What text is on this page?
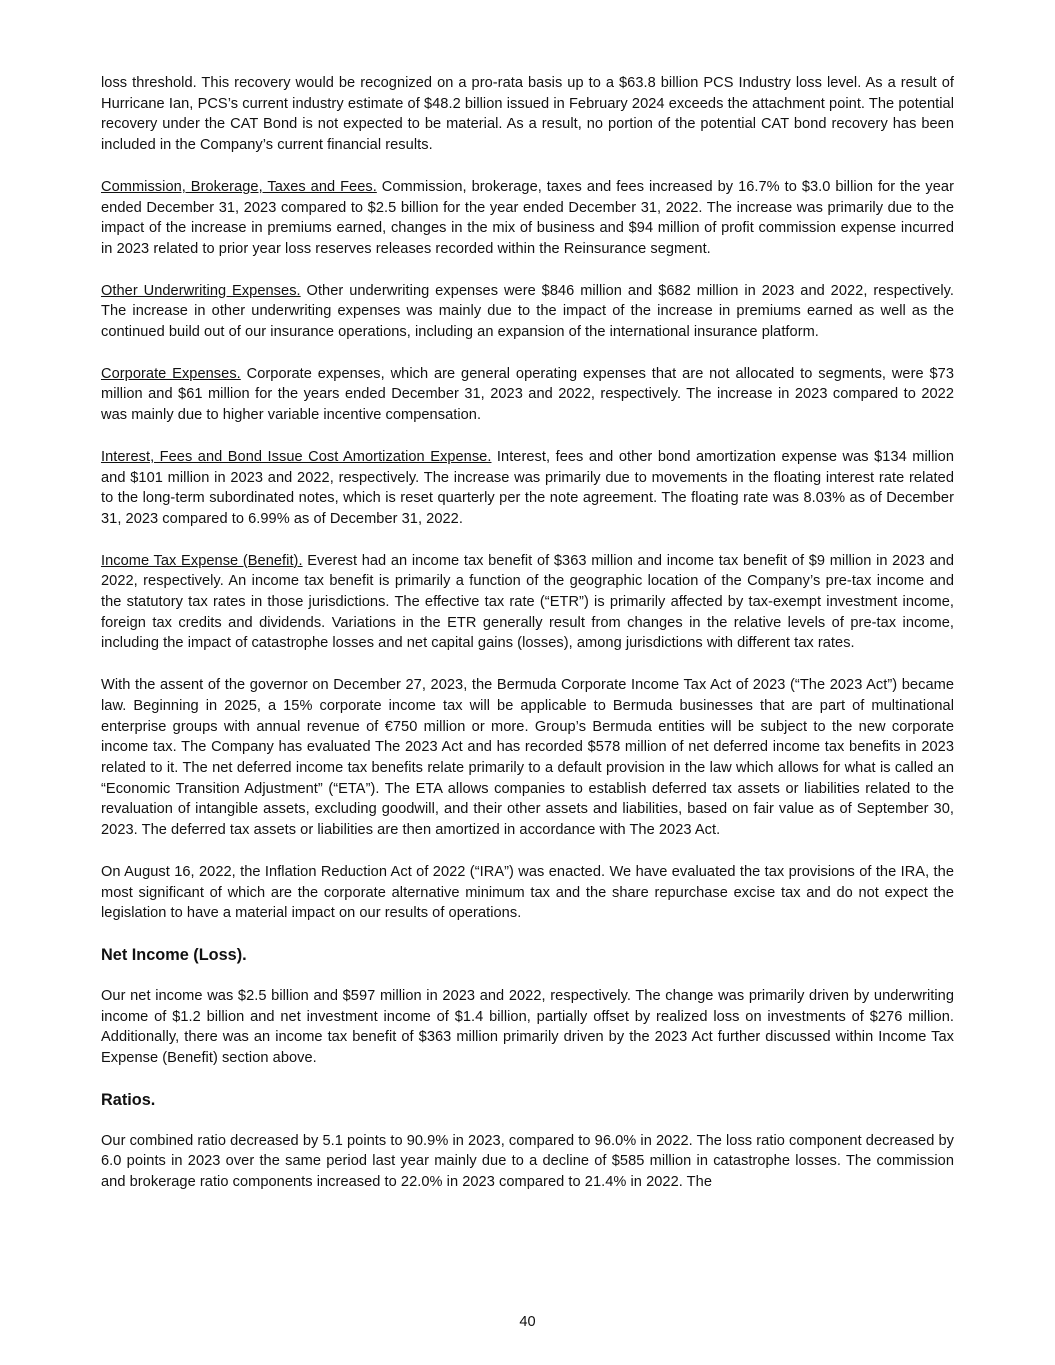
loss threshold. This recovery would be recognized on a pro-rata basis up to a $63.8 billion PCS Industry loss level. As a result of Hurricane Ian, PCS’s current industry estimate of $48.2 billion issued in February 2024 exceeds the attachment point. The potential recovery under the CAT Bond is not expected to be material. As a result, no portion of the potential CAT bond recovery has been included in the Company’s current financial results.

Commission, Brokerage, Taxes and Fees. Commission, brokerage, taxes and fees increased by 16.7% to $3.0 billion for the year ended December 31, 2023 compared to $2.5 billion for the year ended December 31, 2022. The increase was primarily due to the impact of the increase in premiums earned, changes in the mix of business and $94 million of profit commission expense incurred in 2023 related to prior year loss reserves releases recorded within the Reinsurance segment.

Other Underwriting Expenses. Other underwriting expenses were $846 million and $682 million in 2023 and 2022, respectively. The increase in other underwriting expenses was mainly due to the impact of the increase in premiums earned as well as the continued build out of our insurance operations, including an expansion of the international insurance platform.

Corporate Expenses. Corporate expenses, which are general operating expenses that are not allocated to segments, were $73 million and $61 million for the years ended December 31, 2023 and 2022, respectively. The increase in 2023 compared to 2022 was mainly due to higher variable incentive compensation.

Interest, Fees and Bond Issue Cost Amortization Expense. Interest, fees and other bond amortization expense was $134 million and $101 million in 2023 and 2022, respectively. The increase was primarily due to movements in the floating interest rate related to the long-term subordinated notes, which is reset quarterly per the note agreement. The floating rate was 8.03% as of December 31, 2023 compared to 6.99% as of December 31, 2022.

Income Tax Expense (Benefit). Everest had an income tax benefit of $363 million and income tax benefit of $9 million in 2023 and 2022, respectively. An income tax benefit is primarily a function of the geographic location of the Company’s pre-tax income and the statutory tax rates in those jurisdictions. The effective tax rate (“ETR”) is primarily affected by tax-exempt investment income, foreign tax credits and dividends. Variations in the ETR generally result from changes in the relative levels of pre-tax income, including the impact of catastrophe losses and net capital gains (losses), among jurisdictions with different tax rates.

With the assent of the governor on December 27, 2023, the Bermuda Corporate Income Tax Act of 2023 (“The 2023 Act”) became law. Beginning in 2025, a 15% corporate income tax will be applicable to Bermuda businesses that are part of multinational enterprise groups with annual revenue of €750 million or more. Group’s Bermuda entities will be subject to the new corporate income tax. The Company has evaluated The 2023 Act and has recorded $578 million of net deferred income tax benefits in 2023 related to it. The net deferred income tax benefits relate primarily to a default provision in the law which allows for what is called an “Economic Transition Adjustment” (“ETA”). The ETA allows companies to establish deferred tax assets or liabilities related to the revaluation of intangible assets, excluding goodwill, and their other assets and liabilities, based on fair value as of September 30, 2023. The deferred tax assets or liabilities are then amortized in accordance with The 2023 Act.

On August 16, 2022, the Inflation Reduction Act of 2022 (“IRA”) was enacted. We have evaluated the tax provisions of the IRA, the most significant of which are the corporate alternative minimum tax and the share repurchase excise tax and do not expect the legislation to have a material impact on our results of operations.

Net Income (Loss).

Our net income was $2.5 billion and $597 million in 2023 and 2022, respectively. The change was primarily driven by underwriting income of $1.2 billion and net investment income of $1.4 billion, partially offset by realized loss on investments of $276 million. Additionally, there was an income tax benefit of $363 million primarily driven by the 2023 Act further discussed within Income Tax Expense (Benefit) section above.

Ratios.

Our combined ratio decreased by 5.1 points to 90.9% in 2023, compared to 96.0% in 2022. The loss ratio component decreased by 6.0 points in 2023 over the same period last year mainly due to a decline of $585 million in catastrophe losses. The commission and brokerage ratio components increased to 22.0% in 2023 compared to 21.4% in 2022. The

40
